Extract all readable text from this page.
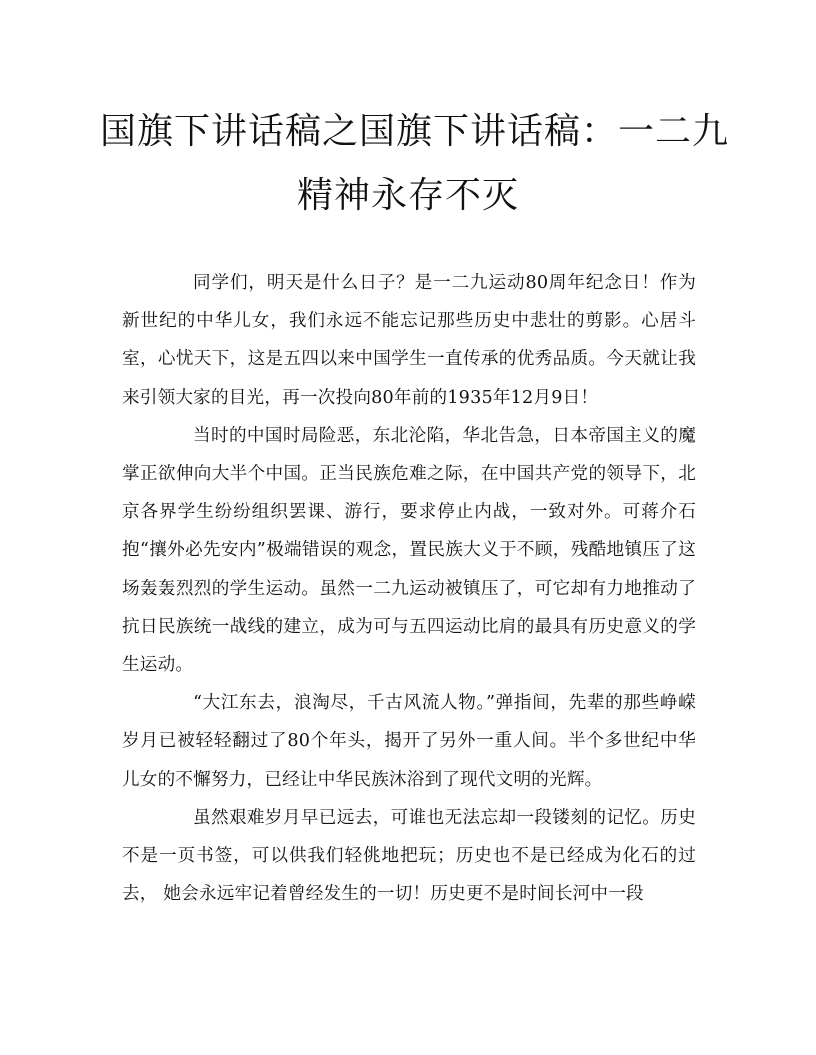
国旗下讲话稿之国旗下讲话稿：一二九
精神永存不灭

同学们，明天是什么日子？是一二九运动80周年纪念日！作为新世纪的中华儿女，我们永远不能忘记那些历史中悲壮的剪影。心居斗室，心忧天下，这是五四以来中国学生一直传承的优秀品质。今天就让我来引领大家的目光，再一次投向80年前的1935年12月9日！

当时的中国时局险恶，东北沦陷，华北告急，日本帝国主义的魔掌正欲伸向大半个中国。正当民族危难之际，在中国共产党的领导下，北京各界学生纷纷组织罢课、游行，要求停止内战，一致对外。可蒋介石抱“攘外必先安内”极端错误的观念，置民族大义于不顾，残酷地镇压了这场轰轰烈烈的学生运动。虽然一二九运动被镇压了，可它却有力地推动了抗日民族统一战线的建立，成为可与五四运动比肩的最具有历史意义的学生运动。

“大江东去，浪淘尽，千古风流人物。”弹指间，先辈的那些峥嵘岁月已被轻轻翻过了80个年头，揭开了另外一重人间。半个多世纪中华儿女的不懈努力，已经让中华民族沐浴到了现代文明的光辉。

虽然艰难岁月早已远去，可谁也无法忘却一段镂刻的记忆。历史不是一页书签，可以供我们轻佻地把玩；历史也不是已经成为化石的过去， 她会永远牢记着曾经发生的一切！历史更不是时间长河中一段
